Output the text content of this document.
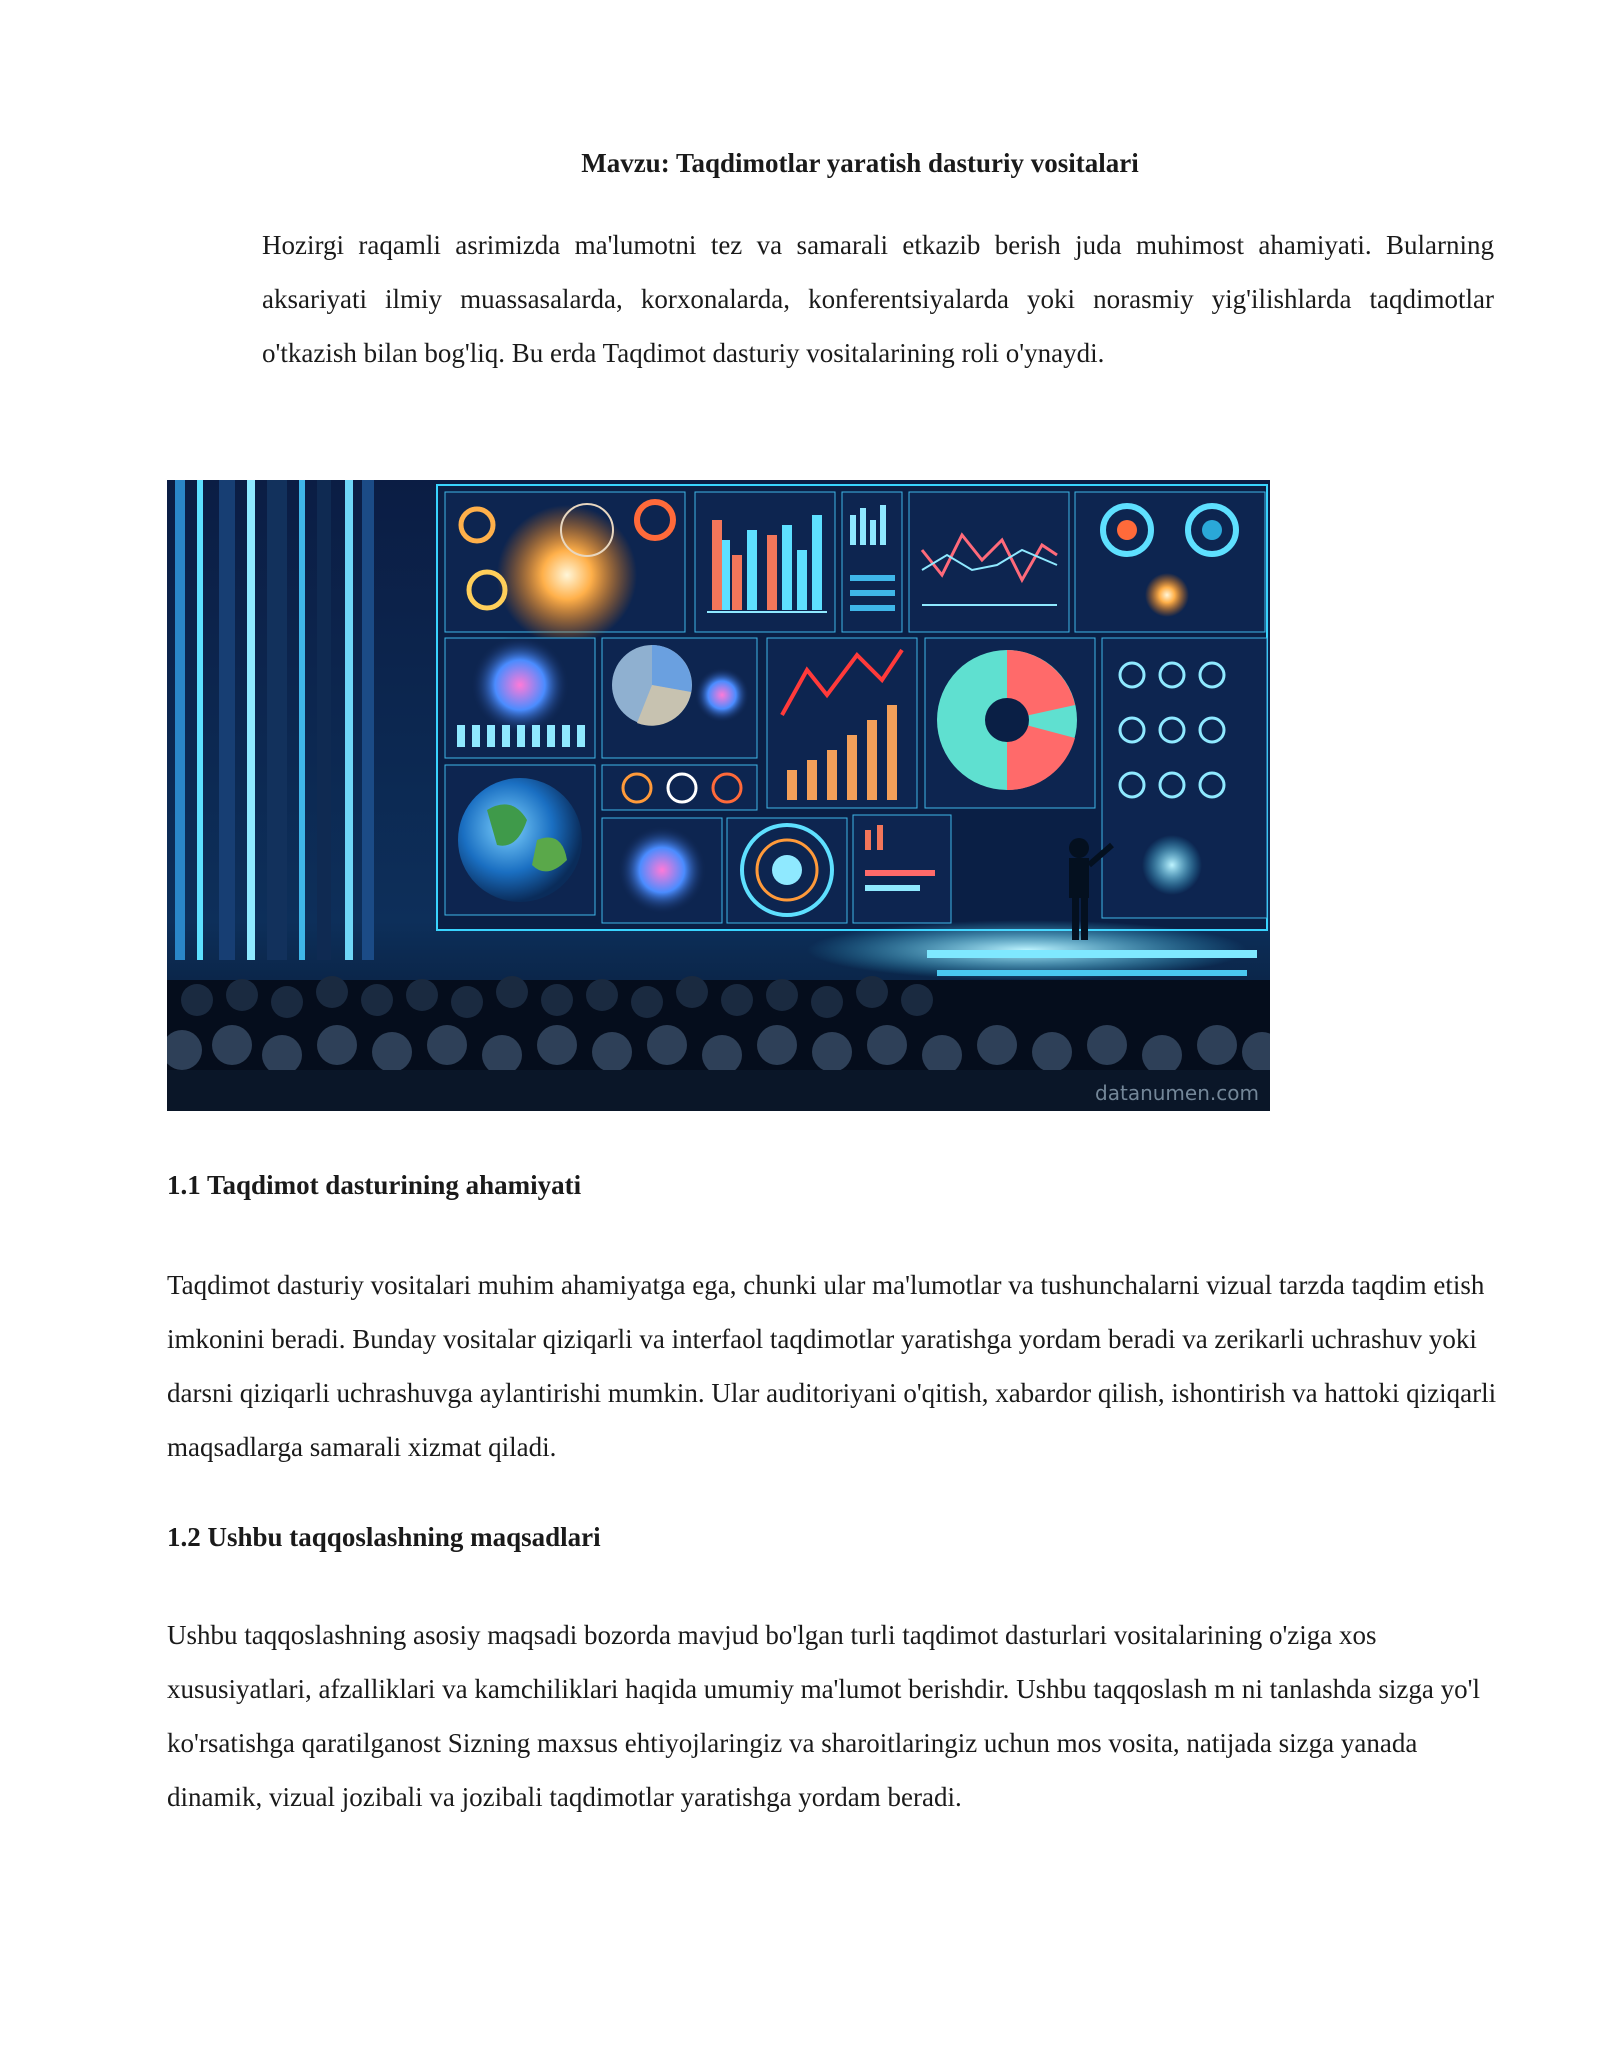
Mavzu: Taqdimotlar yaratish dasturiy vositalari

Hozirgi raqamli asrimizda ma'lumotni tez va samarali etkazib berish juda muhimost ahamiyati. Bularning aksariyati ilmiy muassasalarda, korxonalarda, konferentsiyalarda yoki norasmiy yig'ilishlarda taqdimotlar o'tkazish bilan bog'liq. Bu erda Taqdimot dasturiy vositalarining roli o'ynaydi.

datanumen.com
1.1 Taqdimot dasturining ahamiyati

Taqdimot dasturiy vositalari muhim ahamiyatga ega, chunki ular ma'lumotlar va tushunchalarni vizual tarzda taqdim etish imkonini beradi. Bunday vositalar qiziqarli va interfaol taqdimotlar yaratishga yordam beradi va zerikarli uchrashuv yoki darsni qiziqarli uchrashuvga aylantirishi mumkin. Ular auditoriyani o'qitish, xabardor qilish, ishontirish va hattoki qiziqarli maqsadlarga samarali xizmat qiladi.

1.2 Ushbu taqqoslashning maqsadlari

Ushbu taqqoslashning asosiy maqsadi bozorda mavjud bo'lgan turli taqdimot dasturlari vositalarining o'ziga xos xususiyatlari, afzalliklari va kamchiliklari haqida umumiy ma'lumot berishdir. Ushbu taqqoslash m ni tanlashda sizga yo'l ko'rsatishga qaratilganost Sizning maxsus ehtiyojlaringiz va sharoitlaringiz uchun mos vosita, natijada sizga yanada dinamik, vizual jozibali va jozibali taqdimotlar yaratishga yordam beradi.
